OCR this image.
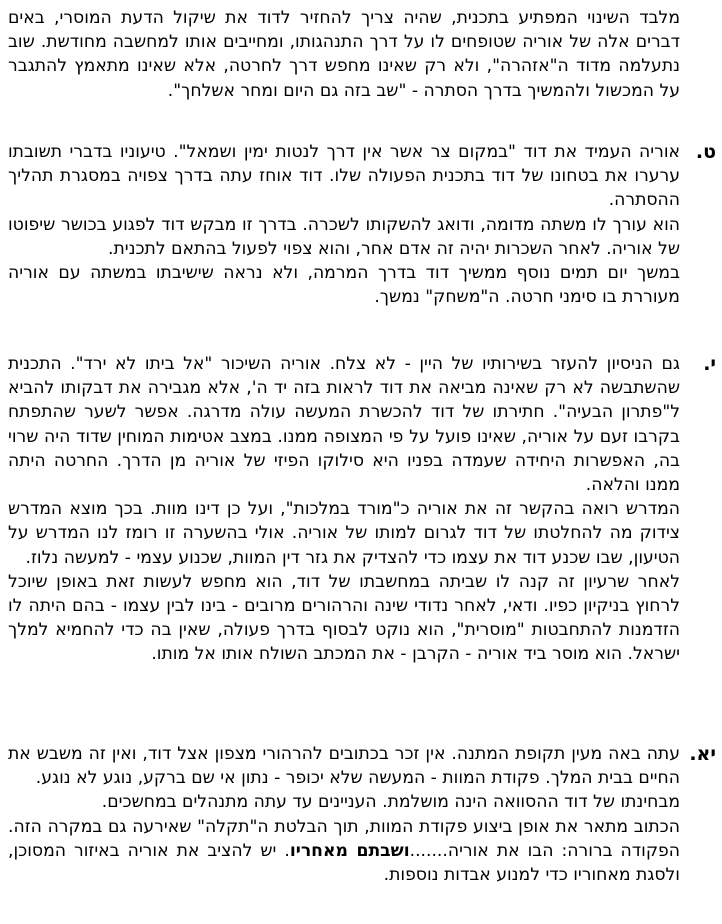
מלבד השינוי המפתיע בתכנית, שהיה צריך להחזיר לדוד את שיקול הדעת המוסרי, באים דברים אלה של אוריה שטופחים לו על דרך התנהגותו, ומחייבים אותו למחשבה מחודשת. שוב נתעלמה מדוד ה"אזהרה", ולא רק שאינו מחפש דרך לחרטה, אלא שאינו מתאמץ להתגבר על המכשול ולהמשיך בדרך הסתרה - "שב בזה גם היום ומחר אשלחך".

ט.

אוריה העמיד את דוד "במקום צר אשר אין דרך לנטות ימין ושמאל". טיעוניו בדברי תשובתו ערערו את בטחונו של דוד בתכנית הפעולה שלו. דוד אוחז עתה בדרך צפויה במסגרת תהליך ההסתרה.

הוא עורך לו משתה מדומה, ודואג להשקותו לשכרה. בדרך זו מבקש דוד לפגוע בכושר שיפוטו של אוריה. לאחר השכרות יהיה זה אדם אחר, והוא צפוי לפעול בהתאם לתכנית.

במשך יום תמים נוסף ממשיך דוד בדרך המרמה, ולא נראה שישיבתו במשתה עם אוריה מעוררת בו סימני חרטה. ה"משחק" נמשך.

י.

גם הניסיון להעזר בשירותיו של היין - לא צלח. אוריה השיכור "אל ביתו לא ירד". התכנית שהשתבשה לא רק שאינה מביאה את דוד לראות בזה יד ה', אלא מגבירה את דבקותו להביא ל"פתרון הבעיה". חתירתו של דוד להכשרת המעשה עולה מדרגה. אפשר לשער שהתפתח בקרבו זעם על אוריה, שאינו פועל על פי המצופה ממנו. במצב אטימות המוחין שדוד היה שרוי בה, האפשרות היחידה שעמדה בפניו היא סילוקו הפיזי של אוריה מן הדרך. החרטה היתה ממנו והלאה.

המדרש רואה בהקשר זה את אוריה כ"מורד במלכות", ועל כן דינו מוות. בכך מוצא המדרש צידוק מה להחלטתו של דוד לגרום למותו של אוריה. אולי בהשערה זו רומז לנו המדרש על הטיעון, שבו שכנע דוד את עצמו כדי להצדיק את גזר דין המוות, שכנוע עצמי - למעשה נלוז.

לאחר שרעיון זה קנה לו שביתה במחשבתו של דוד, הוא מחפש לעשות זאת באופן שיוכל לרחוץ בניקיון כפיו. ודאי, לאחר נדודי שינה והרהורים מרובים - בינו לבין עצמו - בהם היתה לו הזדמנות להתחבטות "מוסרית", הוא נוקט לבסוף בדרך פעולה, שאין בה כדי להחמיא למלך ישראל. הוא מוסר ביד אוריה - הקרבן - את המכתב השולח אותו אל מותו.

יא.

עתה באה מעין תקופת המתנה. אין זכר בכתובים להרהורי מצפון אצל דוד, ואין זה משבש את החיים בבית המלך. פקודת המוות - המעשה שלא יכופר - נתון אי שם ברקע, נוגע לא נוגע.

מבחינתו של דוד ההסוואה הינה מושלמת. העניינים עד עתה מתנהלים במחשכים.

הכתוב מתאר את אופן ביצוע פקודת המוות, תוך הבלטת ה"תקלה" שאירעה גם במקרה הזה. הפקודה ברורה: הבו את אוריה.......ושבתם מאחריו. יש להציב את אוריה באיזור המסוכן, ולסגת מאחוריו כדי למנוע אבדות נוספות.
